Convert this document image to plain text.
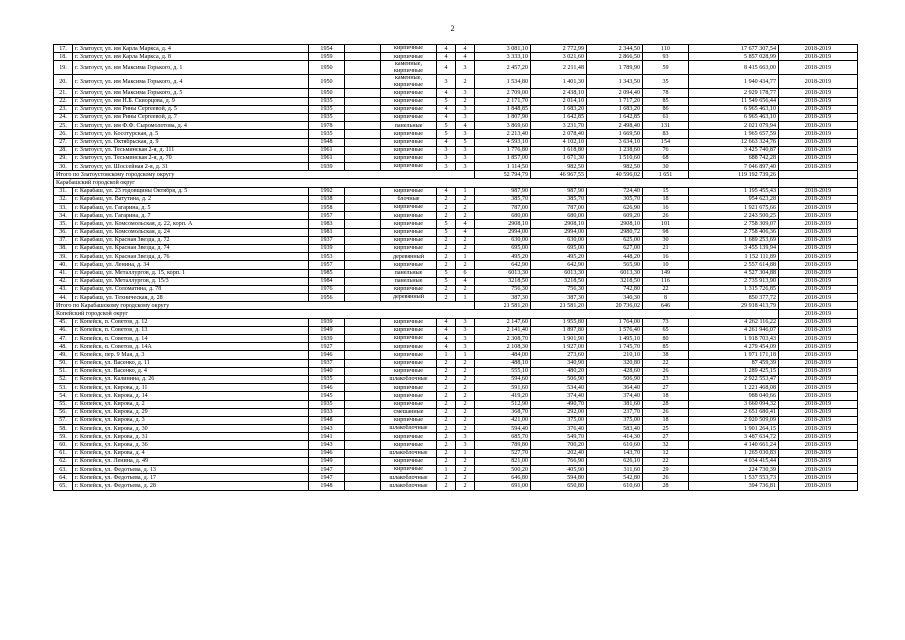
2
17.	г. Златоуст, ул. им Карла Маркса, д. 4	1954		кирпичные	4	4	3 081,10	2 772,99	2 344,50	110	17 677 307,54	2018-2019
18.	г. Златоуст, ул. им Карла Маркса, д. 8	1959		кирпичные	4	4	3 333,10	3 021,60	2 866,50	93	5 857 028,99	2018-2019
19.	г. Златоуст, ул. им Максима Горького, д. 1	1950		каменные, кирпичные	4	3	2 457,20	2 211,48	1 789,90	59	8 415 663,00	2018-2019
20.	г. Златоуст, ул. им Максима Горького, д. 4	1950		каменные, кирпичные	3	2	1 534,80	1 401,30	1 343,50	35	1 940 434,77	2018-2019
21.	г. Златоуст, ул. им Максима Горького, д. 5	1950		кирпичные	4	3	2 709,00	2 438,10	2 094,40	78	2 929 178,77	2018-2019
22.	г. Златоуст, ул. им Н.Б. Скворцова, д. 9	1935		кирпичные	5	2	2 171,70	2 014,10	1 717,20	85	11 549 656,44	2018-2019
23.	г. Златоуст, ул. им Рины Сергеевой, д. 5	1935		кирпичные	4	3	1 848,85	1 683,20	1 683,20	86	6 965 463,10	2018-2019
24.	г. Златоуст, ул. им Рины Сергеевой, д. 7	1935		кирпичные	4	3	1 807,90	1 642,85	1 642,85	61	6 965 463,10	2018-2019
25.	г. Златоуст, ул. им Ф.Ф. Сыромолотова, д. 4	1978		панельные	5	4	3 869,60	3 231,70	2 498,40	131	2 021 079,94	2018-2019
26.	г. Златоуст, ул. Косотурская, д. 5	1935		кирпичные	5	3	2 213,40	2 078,40	1 669,50	83	1 965 657,59	2018-2019
27.	г. Златоуст, ул. Октябрьская, д. 9	1948		кирпичные	4	5	4 593,10	4 102,10	3 634,10	154	12 663 324,76	2018-2019
28.	г. Златоуст, ул. Тесьминская 2-я, д. 111	1961		кирпичные	3	3	1 776,80	1 618,80	1 238,60	76	3 425 740,87	2018-2019
29.	г. Златоуст, ул. Тесьминская 2-я, д. 70	1961		кирпичные	3	3	1 857,00	1 671,30	1 510,60	68	688 742,28	2018-2019
30.	г. Златоуст, ул. Шоссейная 2-я, д. 31	1939		кирпичные	3	3	1 114,50	982,50	982,50	30	7 046 897,40	2018-2019
Итого по Златоустовскому городскому округу							52 794,79	46 967,55	40 596,02	1 651	119 192 739,26	
Карабашский городской округ												
31.	г. Карабаш, ул. 23 годовщины Октября, д. 5	1992		кирпичные	4	1	987,90	987,90	724,40	15	1 195 455,43	2018-2019
32.	г. Карабаш, ул. Ватутина, д. 2	1938		блочные	2	2	385,70	385,70	305,70	18	954 623,28	2018-2019
33.	г. Карабаш, ул. Гагарина, д. 5	1958		кирпичные	2	2	787,00	787,00	626,90	16	1 921 675,66	2018-2019
34.	г. Карабаш, ул. Гагарина, д. 7	1957		кирпичные	2	2	680,00	680,00	609,20	26	2 243 500,25	2018-2019
35.	г. Карабаш, ул. Комсомольская, д. 22, корп. А	1983		кирпичные	5	4	2908,10	2908,10	2908,10	101	2 758 309,07	2018-2019
36.	г. Карабаш, ул. Комсомольская, д. 24	1981		кирпичные	5	4	2994,00	2994,00	2980,72	98	2 758 406,36	2018-2019
37.	г. Карабаш, ул. Красная Звезда, д. 72	1937		кирпичные	2	2	630,00	630,00	625,00	30	1 689 253,69	2018-2019
38.	г. Карабаш, ул. Красная Звезда, д. 74	1939		кирпичные	2	2	695,00	695,00	627,00	21	3 455 139,94	2018-2019
39.	г. Карабаш, ул. Красная Звезда, д. 76	1953		деревянный	2	1	495,20	495,20	448,20	16	1 152 111,89	2018-2019
40.	г. Карабаш, ул. Ленина, д. 34	1957		кирпичные	2	2	642,90	642,90	565,90	10	2 557 614,88	2018-2019
41.	г. Карабаш, ул. Металлургов, д. 15, корп. 1	1985		панельные	5	6	6013,30	6013,30	6013,30	149	4 527 304,88	2018-2019
42.	г. Карабаш, ул. Металлургов, д. 15/3	1984		панельные	5	4	3218,50	3218,50	3218,50	116	2 735 913,90	2018-2019
43.	г. Карабаш, ул. Соломатина, д. 78	1976		кирпичные	2	2	756,30	756,30	742,80	22	1 315 726,85	2018-2019
44.	г. Карабаш, ул. Техническая, д. 28	1956		деревянный	2	1	387,30	387,30	340,30	8	850 377,72	2018-2019
Итого по Карабашскому городскому округу							21 581,20	21 581,20	20 736,02	646	29 918 413,79	2018-2019
Копейский городской округ												2018-2019
45.	г. Копейск, п. Советов, д. 12	1939		кирпичные	4	3	2 147,60	1 955,80	1 764,00	73	4 262 116,22	2018-2019
46.	г. Копейск, п. Советов, д. 13	1949		кирпичные	4	3	2 141,40	1 897,80	1 576,40	65	4 261 946,07	2018-2019
47.	г. Копейск, п. Советов, д. 14	1939		кирпичные	4	3	2 308,70	1 901,90	1 495,10	80	1 918 703,43	2018-2019
48.	г. Копейск, п. Советов, д. 14А	1927		кирпичные	4	3	2 108,30	1 927,00	1 745,70	85	4 279 454,09	2018-2019
49.	г. Копейск, пер. 9 Мая, д. 3	1946		кирпичные	1	1	484,00	273,60	210,10	38	1 971 171,18	2018-2019
50.	г. Копейск, ул. Васенко, д. 11	1937		кирпичные	2	2	488,10	340,90	320,80	22	87 459,39	2018-2019
51.	г. Копейск, ул. Васенко, д. 4	1940		кирпичные	2	2	555,10	480,20	428,60	26	1 289 425,15	2018-2019
52.	г. Копейск, ул. Калинина, д. 26	1935		шлакоблочные	2	2	594,60	506,90	506,90	23	2 922 553,47	2018-2019
53.	г. Копейск, ул. Кирова, д. 11	1946		кирпичные	2	2	591,60	534,40	364,40	27	1 221 468,08	2018-2019
54.	г. Копейск, ул. Кирова, д. 14	1945		кирпичные	2	2	419,20	374,40	374,40	18	988 040,66	2018-2019
55.	г. Копейск, ул. Кирова, д. 2	1935		кирпичные	2	2	512,90	490,70	381,60	28	3 660 094,32	2018-2019
56.	г. Копейск, ул. Кирова, д. 29	1933		смешанные	2	2	368,70	292,00	237,70	26	2 651 680,41	2018-2019
57.	г. Копейск, ул. Кирова, д. 3	1948		кирпичные	2	2	421,00	375,00	375,00	18	2 920 509,09	2018-2019
58.	г. Копейск, ул. Кирова, д. 30	1943		шлакоблочные	2	2	594,40	376,40	583,40	25	1 901 264,15	2018-2019
59.	г. Копейск, ул. Кирова, д. 31	1941		кирпичные	2	3	685,70	549,70	414,30	27	3 487 634,72	2018-2019
60.	г. Копейск, ул. Кирова, д. 36	1943		кирпичные	2	3	789,80	700,20	610,60	32	4 140 661,24	2018-2019
61.	г. Копейск, ул. Кирова, д. 4	1946		шлакоблочные	2	1	527,70	202,40	143,70	12	1 265 030,83	2018-2019
62.	г. Копейск, ул. Ленина, д. 49	1949		кирпичные	2	2	821,00	766,90	626,10	22	4 034 415,44	2018-2019
63.	г. Копейск, ул. Федотьева, д. 13	1947		кирпичные	1	2	500,20	405,90	311,60	29	224 730,39	2018-2019
64.	г. Копейск, ул. Федотьева, д. 17	1947		шлакоблочные	2	2	646,80	594,80	542,80	26	1 537 553,73	2018-2019
65.	г. Копейск, ул. Федотьева, д. 28	1948		шлакоблочные	2	2	691,00	650,80	610,60	28	394 736,81	2018-2019
